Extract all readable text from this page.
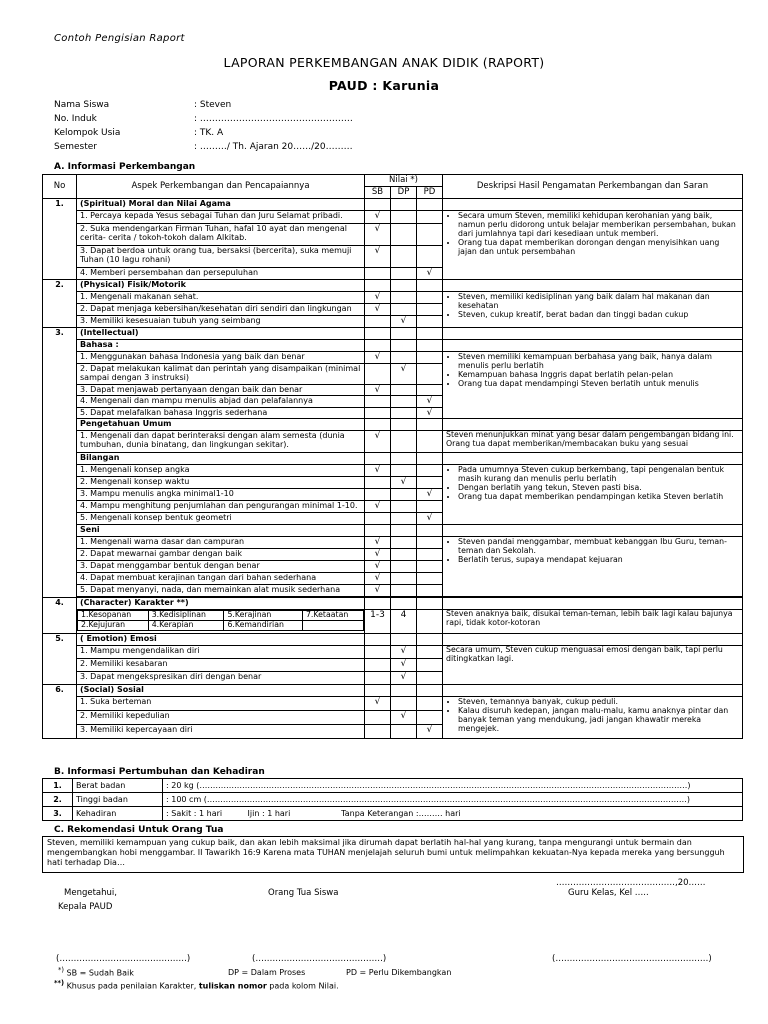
Contoh Pengisian Raport
LAPORAN PERKEMBANGAN ANAK DIDIK (RAPORT)
PAUD : Karunia
Nama Siswa	: Steven
No. Induk	: ……………………………………………
Kelompok Usia	: TK. A
Semester	: ………/ Th. Ajaran 20……/20………
A. Informasi Perkembangan
No	Aspek Perkembangan dan Pencapaiannya	Nilai *)	Deskripsi Hasil Pengamatan Perkembangan dan Saran
SB	DP	PD
1.	(Spiritual) Moral dan Nilai Agama				
1. Percaya kepada Yesus sebagai Tuhan dan Juru Selamat pribadi.	√			
•Secara umum Steven, memiliki kehidupan kerohanian yang baik, namun perlu didorong untuk belajar memberikan persembahan, bukan dari jumlahnya tapi dari kesediaan untuk memberi.
• Orang tua dapat memberikan dorongan dengan menyisihkan uang jajan dan untuk persembahan

2. Suka mendengarkan Firman Tuhan, hafal 10 ayat dan mengenal cerita- cerita / tokoh-tokoh dalam Alkitab.	√		
3. Dapat berdoa untuk orang tua, bersaksi (bercerita), suka memuji Tuhan (10 lagu rohani)	√		
4. Memberi persembahan dan persepuluhan			√
2.	(Physical) Fisik/Motorik				
1. Mengenali makanan sehat.	√			
•Steven, memiliki kedisiplinan yang baik dalam hal makanan dan kesehatan
• Steven, cukup kreatif, berat badan dan tinggi badan cukup

2. Dapat menjaga kebersihan/kesehatan diri sendiri dan lingkungan	√		
3. Memiliki kesesuaian tubuh yang seimbang		√	
3.	(Intellectual)				
Bahasa :				
1. Menggunakan bahasa Indonesia yang baik dan benar	√			
•Steven memiliki kemampuan berbahasa yang baik, hanya dalam menulis perlu berlatih
• Kemampuan bahasa Inggris dapat berlatih pelan-pelan
• Orang tua dapat mendampingi Steven berlatih untuk menulis

2. Dapat melakukan kalimat dan perintah yang disampaikan (minimal sampai dengan 3 instruksi)		√	
3. Dapat menjawab pertanyaan dengan baik dan benar	√		
4. Mengenali dan mampu menulis abjad dan pelafalannya			√
5. Dapat melafalkan bahasa Inggris sederhana			√
Pengetahuan Umum				
1. Mengenali dan dapat berinteraksi dengan alam semesta (dunia tumbuhan, dunia binatang, dan lingkungan sekitar).	√			Steven menunjukkan minat yang besar dalam pengembangan bidang ini. Orang tua dapat memberikan/membacakan buku yang sesuai
Bilangan				
1. Mengenali konsep angka	√			
•Pada umumnya Steven cukup berkembang, tapi pengenalan bentuk masih kurang dan menulis perlu berlatih
• Dengan berlatih yang tekun, Steven pasti bisa.
• Orang tua dapat memberikan pendampingan ketika Steven berlatih

2. Mengenali konsep waktu		√	
3. Mampu menulis angka minimal1-10			√
4. Mampu menghitung penjumlahan dan pengurangan minimal 1-10.	√		
5. Mengenali konsep bentuk geometri			√
Seni				
1. Mengenali warna dasar dan campuran	√			
•Steven pandai menggambar, membuat kebanggan Ibu Guru, teman-teman dan Sekolah.
• Berlatih terus, supaya mendapat kejuaran

2. Dapat mewarnai gambar dengan baik	√		
3. Dapat menggambar bentuk dengan benar	√		
4. Dapat membuat kerajinan tangan dari bahan sederhana	√		
5. Dapat menyanyi, nada, dan memainkan alat musik sederhana	√		

4.	(Character) Karakter **)				

1.Kesopanan	3.Kedisiplinan	5.Kerajinan	7.Ketaatan
2.Kejujuran	4.Kerapian	6.Kemandirian	
	1-3	4		Steven anaknya baik, disukai teman-teman, lebih baik lagi kalau bajunya rapi, tidak kotor-kotoran
5.	( Emotion) Emosi				
1. Mampu mengendalikan diri		√		Secara umum, Steven cukup menguasai emosi dengan baik, tapi perlu ditingkatkan lagi.
2. Memiliki kesabaran		√	
3. Dapat mengekspresikan diri dengan benar		√	
6.	(Social) Sosial				
1. Suka berteman	√			
•Steven, temannya banyak, cukup peduli.
• Kalau disuruh kedepan, jangan malu-malu, kamu anaknya pintar dan banyak teman yang mendukung, jadi jangan khawatir mereka mengejek.

2. Memiliki kepedulian		√	
3. Memiliki kepercayaan diri			√
B. Informasi Pertumbuhan dan Kehadiran
1.	Berat badan	: 20 kg (…………………………………………………………………………………………………………………………………………………………………)
2.	Tinggi badan	: 100 cm (………………………………………………………………………………………………………………………………………………………………)
3.	Kehadiran	: Sakit : 1 hari          Ijin : 1 hari                    Tanpa Keterangan :……… hari
C. Rekomendasi Untuk Orang Tua
Steven, memiliki kemampuan yang cukup baik, dan akan lebih maksimal jika dirumah dapat berlatih hal-hal yang kurang, tanpa mengurangi untuk bermain dan mengembangkan hobi menggambar. II Tawarikh 16:9 Karena mata TUHAN menjelajah seluruh bumi untuk melimpahkan kekuatan-Nya kepada mereka yang bersungguh hati terhadap Dia…
……………………………………,20……
Mengetahui,	Orang Tua Siswa	Guru Kelas, Kel …..
Kepala PAUD
(………………………………………)	(………………………………………)	(………………………………………………)
*) SB = Sudah Baik	DP = Dalam Proses	PD = Perlu Dikembangkan
**) Khusus pada penilaian Karakter, tuliskan nomor pada kolom Nilai.
